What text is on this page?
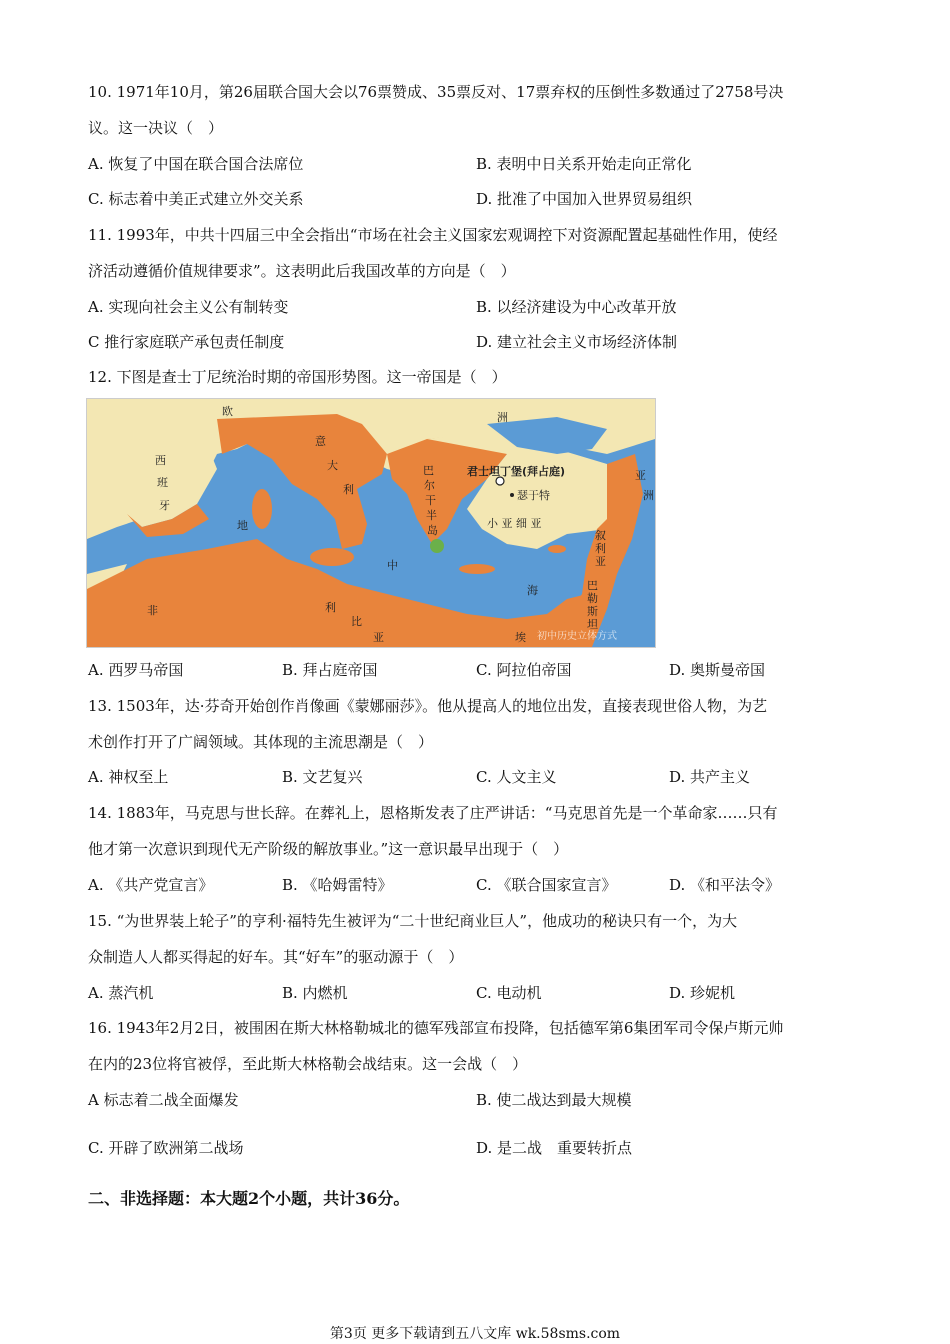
10. 1971年10月，第26届联合国大会以76票赞成、35票反对、17票弃权的压倒性多数通过了2758号决
议。这一决议（　）
A. 恢复了中国在联合国合法席位	B. 表明中日关系开始走向正常化
C. 标志着中美正式建立外交关系	D. 批准了中国加入世界贸易组织
11. 1993年，中共十四届三中全会指出“市场在社会主义国家宏观调控下对资源配置起基础性作用，使经
济活动遵循价值规律要求”。这表明此后我国改革的方向是（　）
A. 实现向社会主义公有制转变	B. 以经济建设为中心改革开放
C 推行家庭联产承包责任制度	D. 建立社会主义市场经济体制
12. 下图是查士丁尼统治时期的帝国形势图。这一帝国是（　）
欧	洲
亚
洲
西
班
牙
意
大
利
巴
尔
干
半
岛
君士坦丁堡(拜占庭)
瑟于特
小 亚 细 亚
地
中
海
叙
利
亚
巴
勒
斯
坦
非	利
比
亚	埃 初中历史立体方式
A. 西罗马帝国	B. 拜占庭帝国	C. 阿拉伯帝国	D. 奥斯曼帝国
13. 1503年，达·芬奇开始创作肖像画《蒙娜丽莎》。他从提高人的地位出发，直接表现世俗人物，为艺
术创作打开了广阔领域。其体现的主流思潮是（　）
A. 神权至上	B. 文艺复兴	C. 人文主义	D. 共产主义
14. 1883年，马克思与世长辞。在葬礼上，恩格斯发表了庄严讲话：“马克思首先是一个革命家……只有
他才第一次意识到现代无产阶级的解放事业。”这一意识最早出现于（　）
A. 《共产党宣言》	B. 《哈姆雷特》	C. 《联合国家宣言》	D. 《和平法令》
15. “为世界装上轮子”的亨利·福特先生被评为“二十世纪商业巨人”，他成功的秘诀只有一个，为大
众制造人人都买得起的好车。其“好车”的驱动源于（　）
A. 蒸汽机	B. 内燃机	C. 电动机	D. 珍妮机
16. 1943年2月2日，被围困在斯大林格勒城北的德军残部宣布投降，包括德军第6集团军司令保卢斯元帅
在内的23位将官被俘，至此斯大林格勒会战结束。这一会战（　）
A 标志着二战全面爆发	B. 使二战达到最大规模
C. 开辟了欧洲第二战场	D. 是二战　重要转折点
二、非选择题：本大题2个小题，共计36分。
第3页 更多下载请到五八文库 wk.58sms.com
